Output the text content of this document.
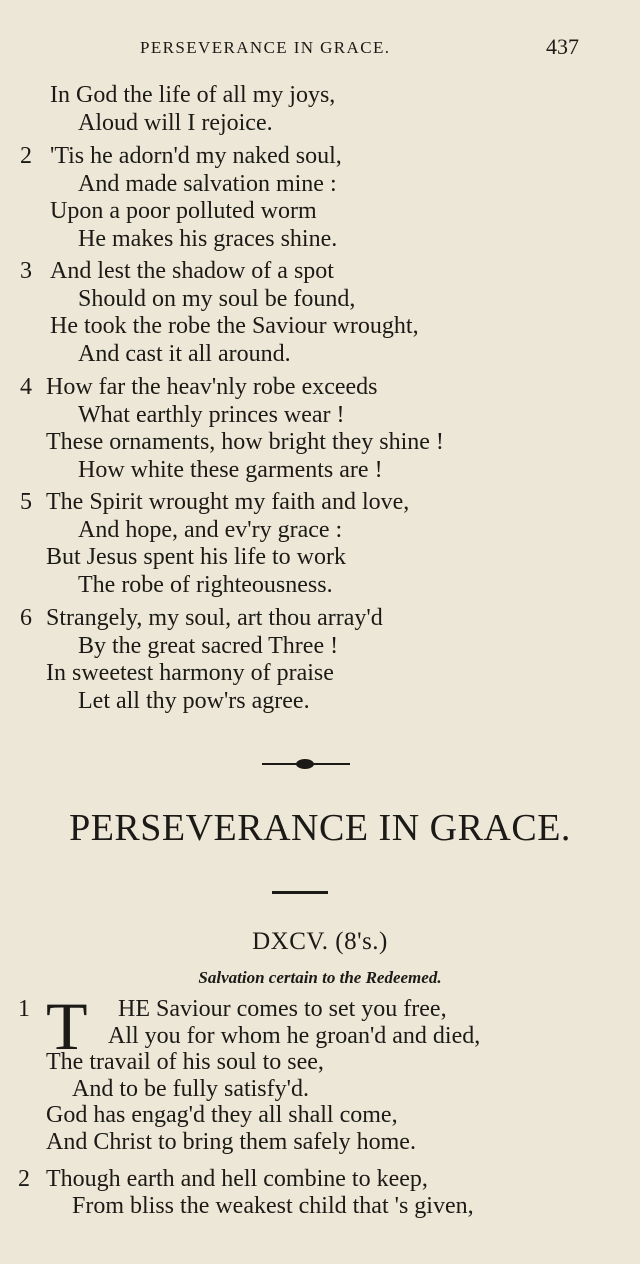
PERSEVERANCE IN GRACE.	437
In God the life of all my joys,
Aloud will I rejoice.
2 'Tis he adorn'd my naked soul,
And made salvation mine :
Upon a poor polluted worm
He makes his graces shine.
3 And lest the shadow of a spot
Should on my soul be found,
He took the robe the Saviour wrought,
And cast it all around.
4 How far the heav'nly robe exceeds
What earthly princes wear !
These ornaments, how bright they shine !
How white these garments are !
5 The Spirit wrought my faith and love,
And hope, and ev'ry grace :
But Jesus spent his life to work
The robe of righteousness.
6 Strangely, my soul, art thou array'd
By the great sacred Three !
In sweetest harmony of praise
Let all thy pow'rs agree.
PERSEVERANCE IN GRACE.
DXCV. (8's.)
Salvation certain to the Redeemed.
T
1	HE Saviour comes to set you free,
All you for whom he groan'd and died,
The travail of his soul to see,
And to be fully satisfy'd.
God has engag'd they all shall come,
And Christ to bring them safely home.
2 Though earth and hell combine to keep,
From bliss the weakest child that 's given,
